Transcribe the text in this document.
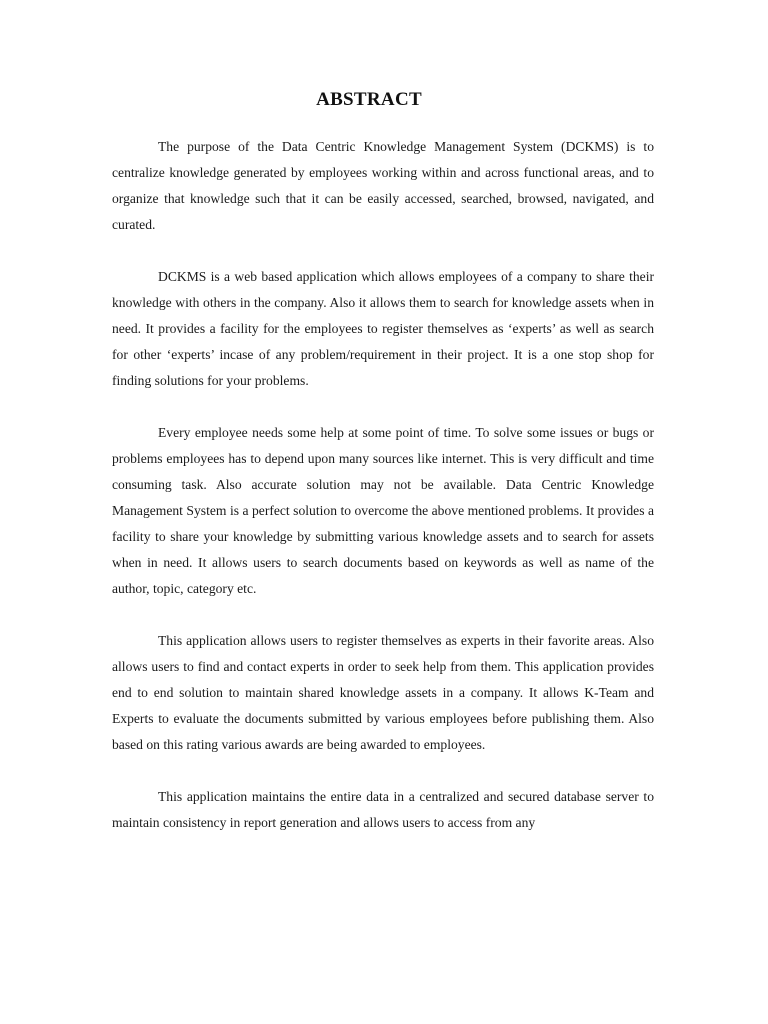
ABSTRACT

The purpose of the Data Centric Knowledge Management System (DCKMS) is to centralize knowledge generated by employees working within and across functional areas, and to organize that knowledge such that it can be easily accessed, searched, browsed, navigated, and curated.

DCKMS is a web based application which allows employees of a company to share their knowledge with others in the company. Also it allows them to search for knowledge assets when in need. It provides a facility for the employees to register themselves as ‘experts’ as well as search for other ‘experts’ incase of any problem/requirement in their project. It is a one stop shop for finding solutions for your problems.

Every employee needs some help at some point of time. To solve some issues or bugs or problems employees has to depend upon many sources like internet. This is very difficult and time consuming task. Also accurate solution may not be available. Data Centric Knowledge Management System is a perfect solution to overcome the above mentioned problems. It provides a facility to share your knowledge by submitting various knowledge assets and to search for assets when in need. It allows users to search documents based on keywords as well as name of the author, topic, category etc.

This application allows users to register themselves as experts in their favorite areas. Also allows users to find and contact experts in order to seek help from them. This application provides end to end solution to maintain shared knowledge assets in a company. It allows K-Team and Experts to evaluate the documents submitted by various employees before publishing them. Also based on this rating various awards are being awarded to employees.

This application maintains the entire data in a centralized and secured database server to maintain consistency in report generation and allows users to access from any
